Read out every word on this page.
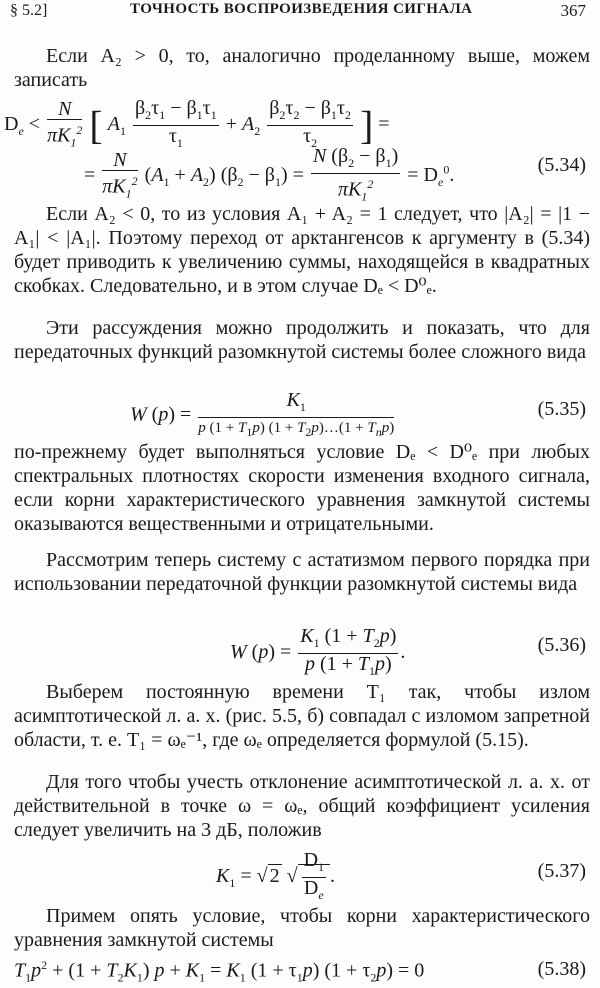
§ 5.2]	ТОЧНОСТЬ ВОСПРОИЗВЕДЕНИЯ СИГНАЛА	367
Если A₂ > 0, то, аналогично проделанному выше, можем записать
$D_e < \frac{N}{\pi K_1^2}$ [ $A_1 \frac{\beta_2\tau_1 - \beta_1\tau_1}{\tau_1} + A_2 \frac{\beta_2\tau_2 - \beta_1\tau_2}{\tau_2}$ ] =
= $\frac{N}{\pi K_1^2} (A_1 + A_2) (\beta_2 - \beta_1) = \frac{N (\beta_2 - \beta_1)}{\pi K_1^2} = D_e^0$.	(5.34)
Если A₂ < 0, то из условия A₁ + A₂ = 1 следует, что |A₂| = |1 − A₁| < |A₁|. Поэтому переход от арктангенсов к аргументу в (5.34) будет приводить к увеличению суммы, находящейся в квадратных скобках. Следовательно, и в этом случае Dₑ < D⁰ₑ.
Эти рассуждения можно продолжить и показать, что для передаточных функций разомкнутой системы более сложного вида
W $(p) = \frac{K_1}{p (1 + T_1p) (1 + T_2p)\dots(1 + T_np)}$	(5.35)
по-прежнему будет выполняться условие Dₑ < D⁰ₑ при любых спектральных плотностях скорости изменения входного сигнала, если корни характеристического уравнения замкнутой системы оказываются вещественными и отрицательными.
Рассмотрим теперь систему с астатизмом первого порядка при использовании передаточной функции разомкнутой системы вида
W $(p) = \frac{K_1 (1 + T_2p)}{p (1 + T_1p)}$ .	(5.36)
Выберем постоянную времени T₁ так, чтобы излом асимптотической л. а. х. (рис. 5.5, б) совпадал с изломом запретной области, т. е. T₁ = ωₑ⁻¹, где ωₑ определяется формулой (5.15).
Для того чтобы учесть отклонение асимптотической л. а. х. от действительной в точке ω = ωₑ, общий коэффициент усиления следует увеличить на 3 дБ, положив
$K_1$ = √ 2 √ $\frac{D_1}{D_e}$ .	(5.37)
Примем опять условие, чтобы корни характеристического уравнения замкнутой системы
$T_1p^2 + (1 + T_2K_1) p + K_1 = K_1$ $(1 + \tau_1p)$ $(1 + \tau_2p) = 0$	(5.38)
